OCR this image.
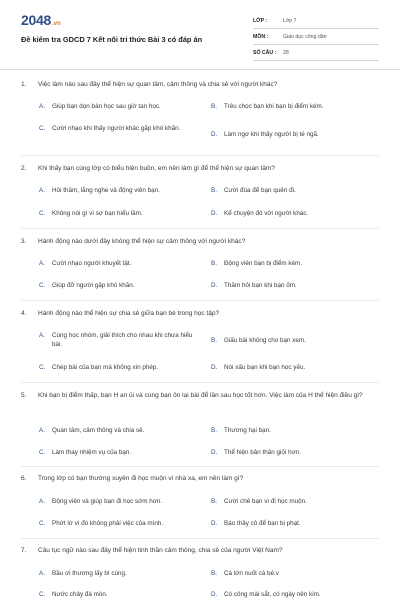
2048 .vn
Đề kiểm tra GDCD 7 Kết nối tri thức Bài 3 có đáp án
LỚP :	Lớp 7
MÔN :	Giáo dục công dân
SỐ CÂU :	28
1. Việc làm nào sau đây thể hiện sự quan tâm, cảm thông và chia sẻ với người khác?
A.	Giúp bạn dọn bàn học sau giờ tan học.	B.	Trêu chọc bạn khi bạn bị điểm kém.
C.	Cười nhạo khi thấy người khác gặp khó khăn.
D.	Làm ngơ khi thấy người bị té ngã.
2. Khi thấy bạn cùng lớp có biểu hiện buồn, em nên làm gì để thể hiện sự quan tâm?
A.	Hỏi thăm, lắng nghe và động viên bạn.	B.	Cười đùa để bạn quên đi.
C.	Không nói gì vì sợ bạn hiểu lầm.	D.	Kể chuyện đó với người khác.
3. Hành động nào dưới đây không thể hiện sự cảm thông với người khác?
A.	Cười nhạo người khuyết tật.	B.	Động viên bạn bị điểm kém.
C.	Giúp đỡ người gặp khó khăn.	D.	Thăm hỏi bạn khi bạn ốm.
4. Hành động nào thể hiện sự chia sẻ giữa bạn bè trong học tập?
A.	Cùng học nhóm, giải thích cho nhau khi chưa hiểu bài.
B.	Giấu bài không cho bạn xem.
C.	Chép bài của bạn mà không xin phép.	D.	Nói xấu bạn khi bạn học yếu.
5. Khi bạn bị điểm thấp, bạn H an ủi và cùng bạn ôn lại bài để lần sau học tốt hơn. Việc làm của H thể hiện điều gì?
A.	Quan tâm, cảm thông và chia sẻ.	B.	Thương hại bạn.
C.	Làm thay nhiệm vụ của bạn.	D.	Thể hiện bản thân giỏi hơn.
6. Trong lớp có bạn thường xuyên đi học muộn vì nhà xa, em nên làm gì?
A.	Động viên và giúp bạn đi học sớm hơn.	B.	Cười chê bạn vì đi học muộn.
C.	Phớt lờ vì đó không phải việc của mình.	D.	Báo thầy cô để bạn bị phạt.
7. Câu tục ngữ nào sau đây thể hiện tinh thần cảm thông, chia sẻ của người Việt Nam?
A.	Bầu ơi thương lấy bí cùng.	B.	Cá lớn nuốt cá bé.v
C.	Nước chảy đá mòn.	D.	Có công mài sắt, có ngày nên kim.
